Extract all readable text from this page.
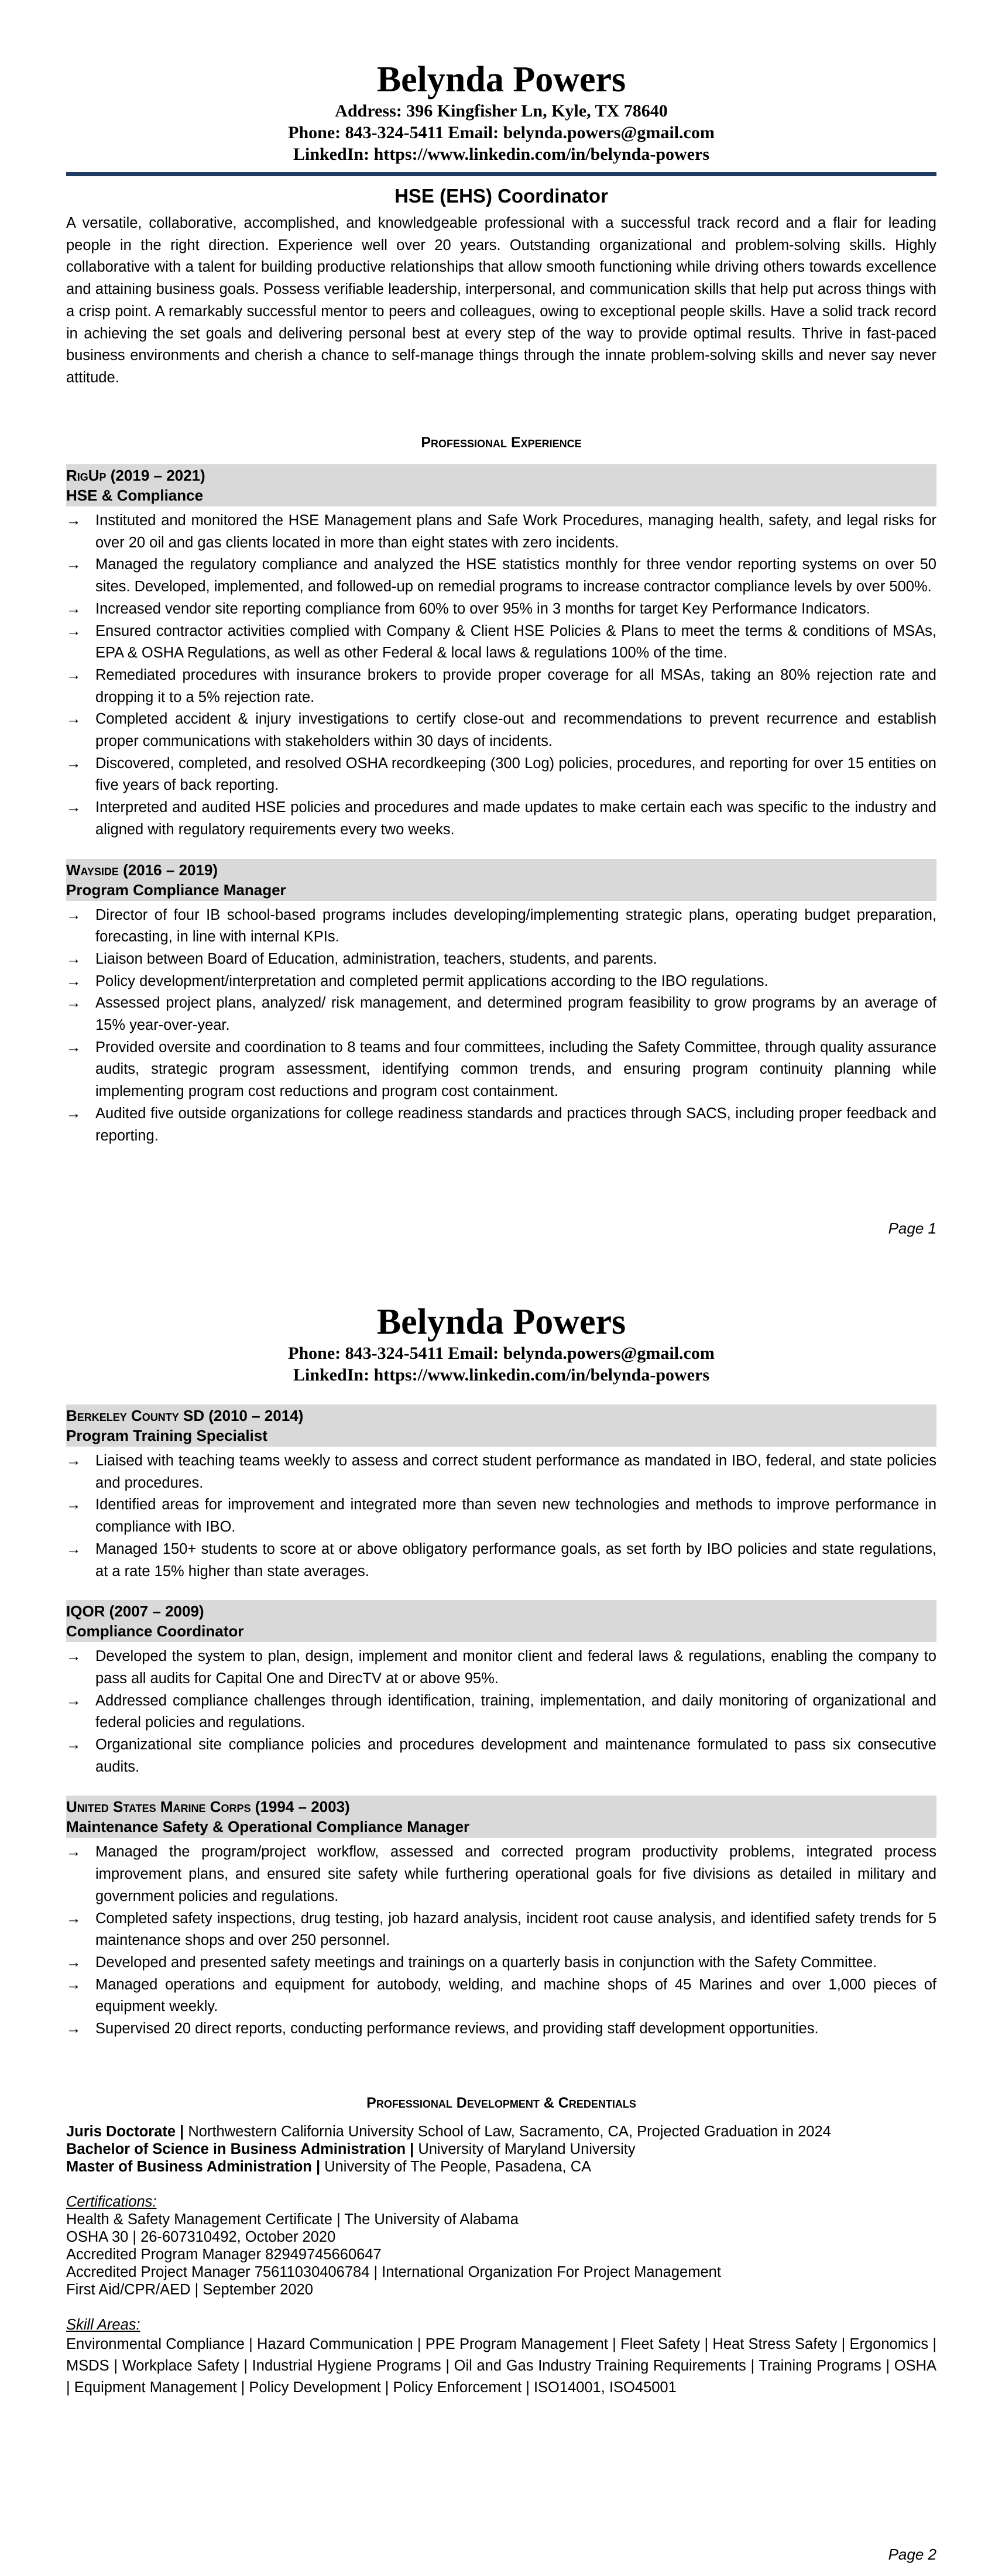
Belynda Powers
Address: 396 Kingfisher Ln, Kyle, TX 78640
Phone: 843-324-5411 Email: belynda.powers@gmail.com
LinkedIn: https://www.linkedin.com/in/belynda-powers
HSE (EHS) Coordinator
A versatile, collaborative, accomplished, and knowledgeable professional with a successful track record and a flair for leading people in the right direction. Experience well over 20 years. Outstanding organizational and problem-solving skills. Highly collaborative with a talent for building productive relationships that allow smooth functioning while driving others towards excellence and attaining business goals. Possess verifiable leadership, interpersonal, and communication skills that help put across things with a crisp point. A remarkably successful mentor to peers and colleagues, owing to exceptional people skills. Have a solid track record in achieving the set goals and delivering personal best at every step of the way to provide optimal results. Thrive in fast-paced business environments and cherish a chance to self-manage things through the innate problem-solving skills and never say never attitude.
Professional Experience
RigUp (2019 – 2021)
HSE & Compliance
→ Instituted and monitored the HSE Management plans and Safe Work Procedures, managing health, safety, and legal risks for over 20 oil and gas clients located in more than eight states with zero incidents.
→ Managed the regulatory compliance and analyzed the HSE statistics monthly for three vendor reporting systems on over 50 sites. Developed, implemented, and followed-up on remedial programs to increase contractor compliance levels by over 500%.
→ Increased vendor site reporting compliance from 60% to over 95% in 3 months for target Key Performance Indicators.
→ Ensured contractor activities complied with Company & Client HSE Policies & Plans to meet the terms & conditions of MSAs, EPA & OSHA Regulations, as well as other Federal & local laws & regulations 100% of the time.
→ Remediated procedures with insurance brokers to provide proper coverage for all MSAs, taking an 80% rejection rate and dropping it to a 5% rejection rate.
→ Completed accident & injury investigations to certify close-out and recommendations to prevent recurrence and establish proper communications with stakeholders within 30 days of incidents.
→ Discovered, completed, and resolved OSHA recordkeeping (300 Log) policies, procedures, and reporting for over 15 entities on five years of back reporting.
→ Interpreted and audited HSE policies and procedures and made updates to make certain each was specific to the industry and aligned with regulatory requirements every two weeks.
Wayside (2016 – 2019)
Program Compliance Manager
→ Director of four IB school-based programs includes developing/implementing strategic plans, operating budget preparation, forecasting, in line with internal KPIs.
→ Liaison between Board of Education, administration, teachers, students, and parents.
→ Policy development/interpretation and completed permit applications according to the IBO regulations.
→ Assessed project plans, analyzed/ risk management, and determined program feasibility to grow programs by an average of 15% year-over-year.
→ Provided oversite and coordination to 8 teams and four committees, including the Safety Committee, through quality assurance audits, strategic program assessment, identifying common trends, and ensuring program continuity planning while implementing program cost reductions and program cost containment.
→ Audited five outside organizations for college readiness standards and practices through SACS, including proper feedback and reporting.
Page 1
Belynda Powers
Phone: 843-324-5411 Email: belynda.powers@gmail.com
LinkedIn: https://www.linkedin.com/in/belynda-powers
Berkeley County SD (2010 – 2014)
Program Training Specialist
→ Liaised with teaching teams weekly to assess and correct student performance as mandated in IBO, federal, and state policies and procedures.
→ Identified areas for improvement and integrated more than seven new technologies and methods to improve performance in compliance with IBO.
→ Managed 150+ students to score at or above obligatory performance goals, as set forth by IBO policies and state regulations, at a rate 15% higher than state averages.
IQOR (2007 – 2009)
Compliance Coordinator
→ Developed the system to plan, design, implement and monitor client and federal laws & regulations, enabling the company to pass all audits for Capital One and DirecTV at or above 95%.
→ Addressed compliance challenges through identification, training, implementation, and daily monitoring of organizational and federal policies and regulations.
→ Organizational site compliance policies and procedures development and maintenance formulated to pass six consecutive audits.
United States Marine Corps (1994 – 2003)
Maintenance Safety & Operational Compliance Manager
→ Managed the program/project workflow, assessed and corrected program productivity problems, integrated process improvement plans, and ensured site safety while furthering operational goals for five divisions as detailed in military and government policies and regulations.
→ Completed safety inspections, drug testing, job hazard analysis, incident root cause analysis, and identified safety trends for 5 maintenance shops and over 250 personnel.
→ Developed and presented safety meetings and trainings on a quarterly basis in conjunction with the Safety Committee.
→ Managed operations and equipment for autobody, welding, and machine shops of 45 Marines and over 1,000 pieces of equipment weekly.
→ Supervised 20 direct reports, conducting performance reviews, and providing staff development opportunities.
Professional Development & Credentials
Juris Doctorate | Northwestern California University School of Law, Sacramento, CA, Projected Graduation in 2024
Bachelor of Science in Business Administration | University of Maryland University
Master of Business Administration | University of The People, Pasadena, CA
Certifications:
Health & Safety Management Certificate | The University of Alabama
OSHA 30 | 26-607310492, October 2020
Accredited Program Manager 82949745660647
Accredited Project Manager 75611030406784 | International Organization For Project Management
First Aid/CPR/AED | September 2020
Skill Areas:
Environmental Compliance | Hazard Communication | PPE Program Management | Fleet Safety | Heat Stress Safety | Ergonomics | MSDS | Workplace Safety | Industrial Hygiene Programs | Oil and Gas Industry Training Requirements | Training Programs | OSHA | Equipment Management | Policy Development | Policy Enforcement | ISO14001, ISO45001
Page 2
